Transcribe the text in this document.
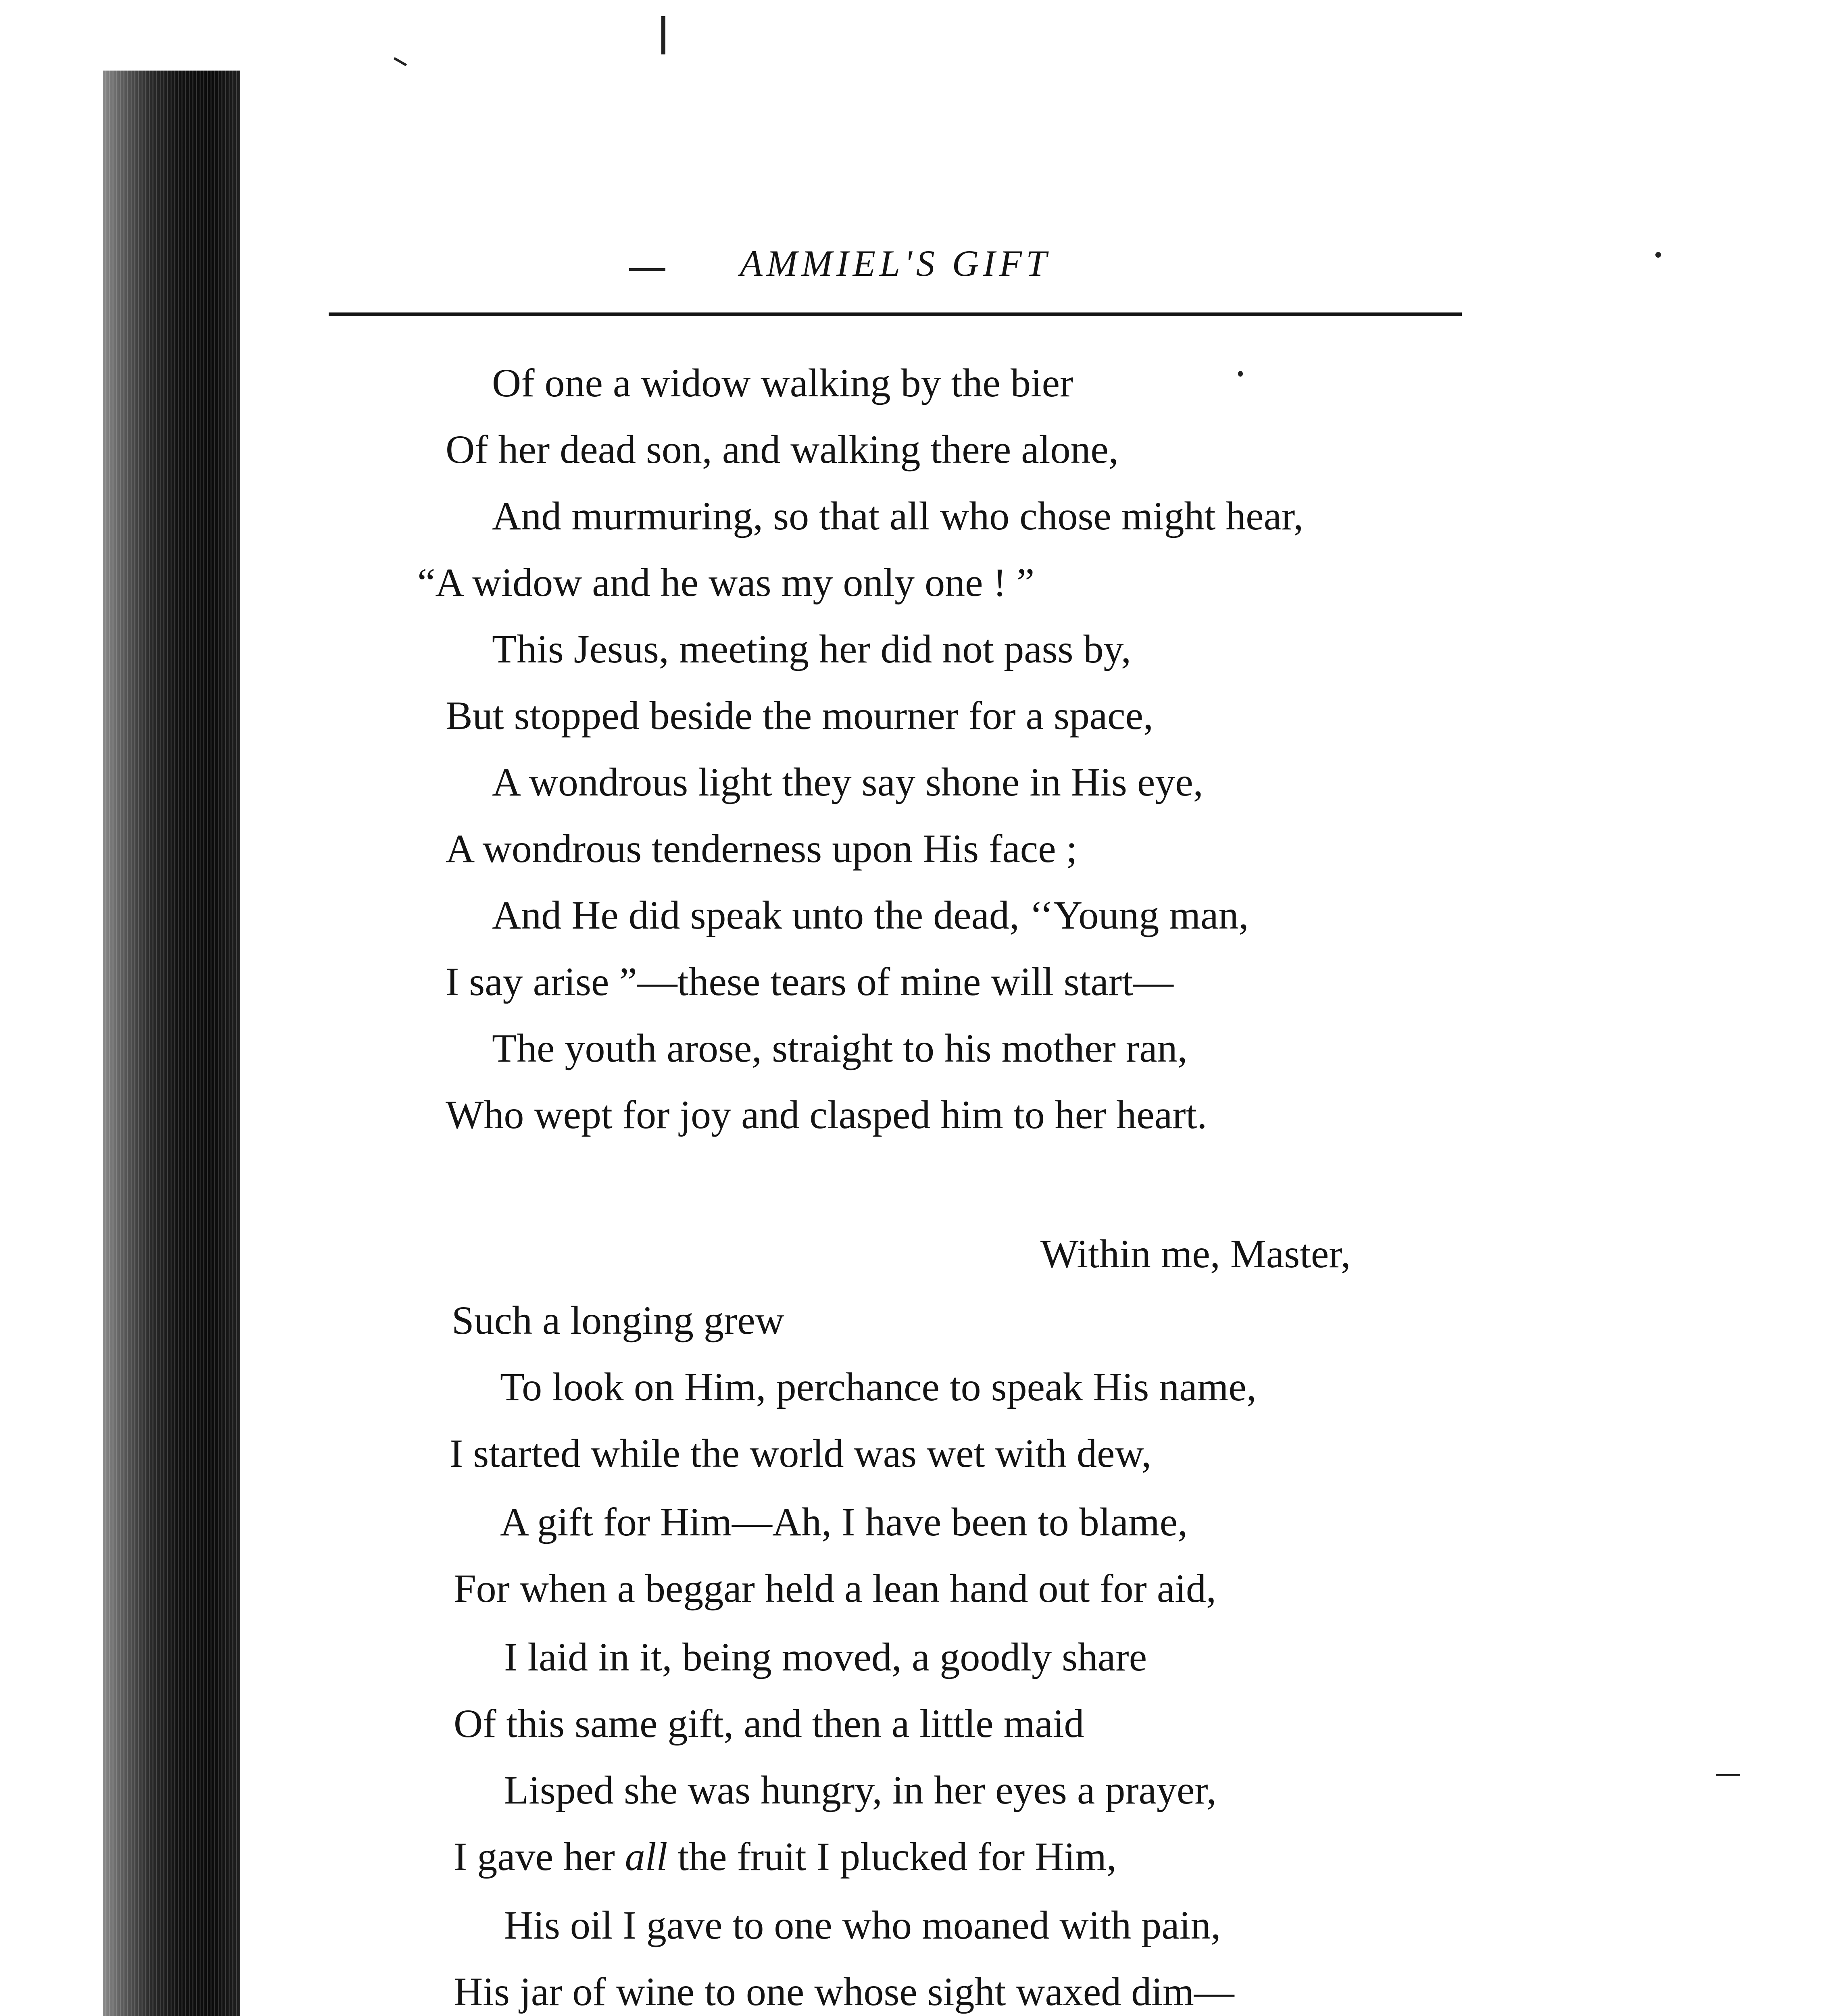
AMMIEL'S GIFT
Of one a widow walking by the bier
Of her dead son, and walking there alone,
And murmuring, so that all who chose might hear,
“A widow and he was my only one ! ”
This Jesus, meeting her did not pass by,
But stopped beside the mourner for a space,
A wondrous light they say shone in His eye,
A wondrous tenderness upon His face ;
And He did speak unto the dead, ‘‘Young man,
I say arise ”—these tears of mine will start—
The youth arose, straight to his mother ran,
Who wept for joy and clasped him to her heart.
Within me, Master,
Such a longing grew
To look on Him, perchance to speak His name,
I started while the world was wet with dew,
A gift for Him—Ah, I have been to blame,
For when a beggar held a lean hand out for aid,
I laid in it, being moved, a goodly share
Of this same gift, and then a little maid
Lisped she was hungry, in her eyes a prayer,
I gave her all the fruit I plucked for Him,
His oil I gave to one who moaned with pain,
His jar of wine to one whose sight waxed dim—
